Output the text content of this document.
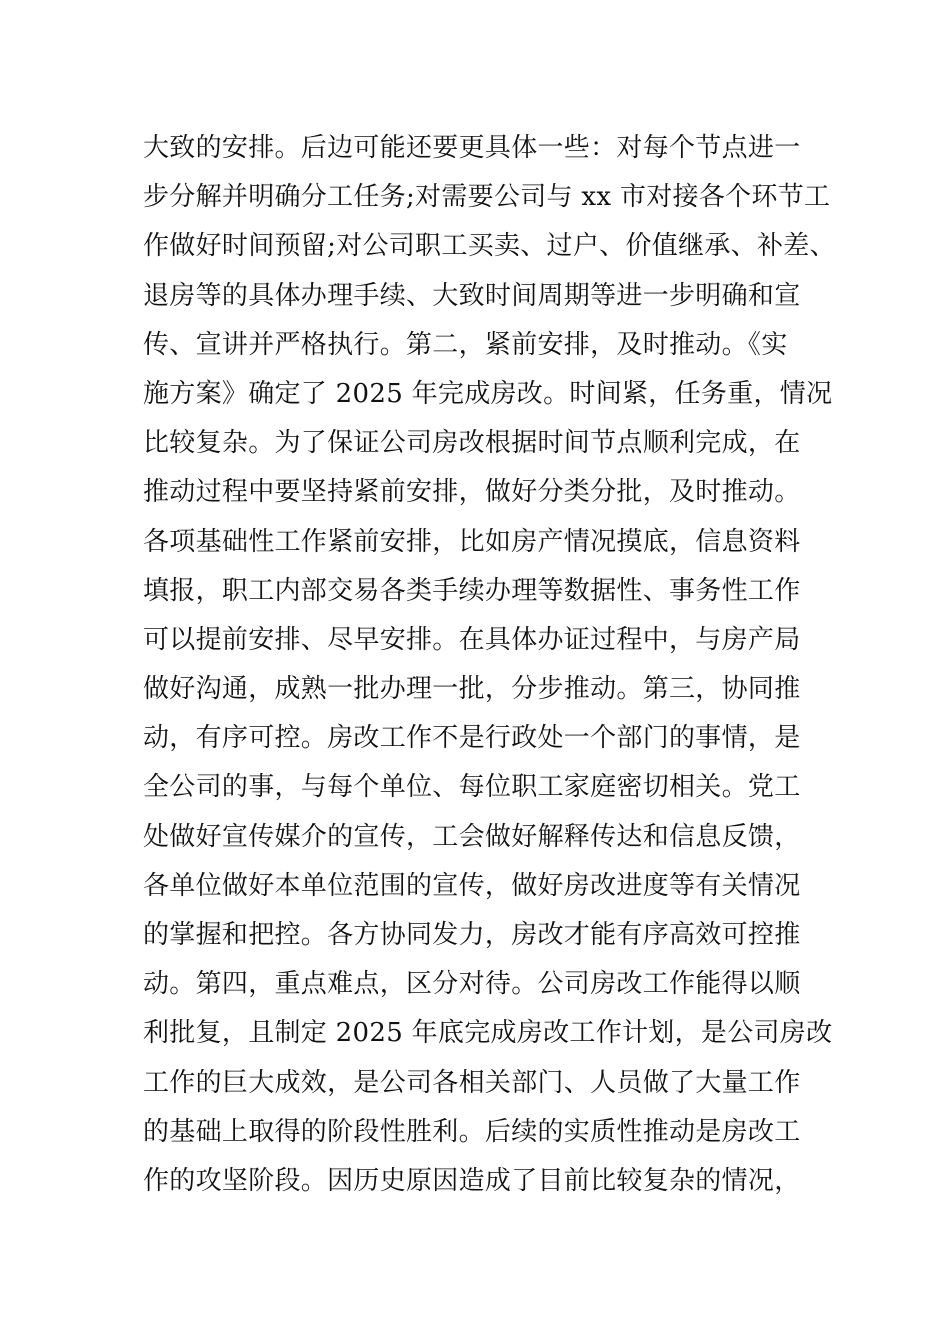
大致的安排。后边可能还要更具体一些：对每个节点进一
步分解并明确分工任务;对需要公司与 xx 市对接各个环节工
作做好时间预留;对公司职工买卖、过户、价值继承、补差、
退房等的具体办理手续、大致时间周期等进一步明确和宣
传、宣讲并严格执行。第二，紧前安排，及时推动。《实
施方案》确定了 2025 年完成房改。时间紧，任务重，情况
比较复杂。为了保证公司房改根据时间节点顺利完成，在
推动过程中要坚持紧前安排，做好分类分批，及时推动。
各项基础性工作紧前安排，比如房产情况摸底，信息资料
填报，职工内部交易各类手续办理等数据性、事务性工作
可以提前安排、尽早安排。在具体办证过程中，与房产局
做好沟通，成熟一批办理一批，分步推动。第三，协同推
动，有序可控。房改工作不是行政处一个部门的事情，是
全公司的事，与每个单位、每位职工家庭密切相关。党工
处做好宣传媒介的宣传，工会做好解释传达和信息反馈，
各单位做好本单位范围的宣传，做好房改进度等有关情况
的掌握和把控。各方协同发力，房改才能有序高效可控推
动。第四，重点难点，区分对待。公司房改工作能得以顺
利批复，且制定 2025 年底完成房改工作计划，是公司房改
工作的巨大成效，是公司各相关部门、人员做了大量工作
的基础上取得的阶段性胜利。后续的实质性推动是房改工
作的攻坚阶段。因历史原因造成了目前比较复杂的情况，
